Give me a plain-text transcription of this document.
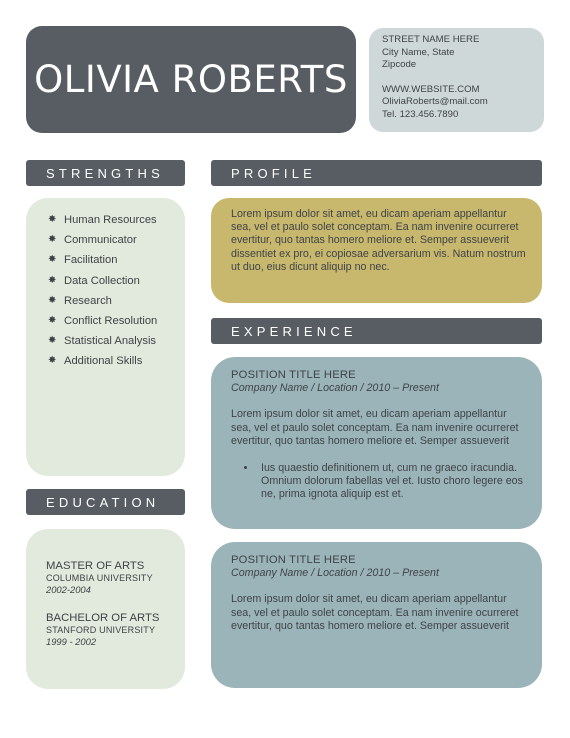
OLIVIA ROBERTS
STREET NAME HERE
City Name, State
Zipcode
WWW.WEBSITE.COM
OliviaRoberts@mail.com
Tel. 123.456.7890
STRENGTHS	PROFILE
EXPERIENCE
EDUCATION
✸ Human Resources
✸ Communicator
✸ Facilitation
✸ Data Collection
✸ Research
✸ Conflict Resolution
✸ Statistical Analysis
✸ Additional Skills
Lorem ipsum dolor sit amet, eu dicam aperiam appellantur sea, vel et paulo solet conceptam. Ea nam invenire ocurreret evertitur, quo tantas homero meliore et. Semper assueverit dissentiet ex pro, ei copiosae adversarium vis. Natum nostrum ut duo, eius dicunt aliquip no nec.
POSITION TITLE HERE
Company Name / Location / 2010 – Present
Lorem ipsum dolor sit amet, eu dicam aperiam appellantur sea, vel et paulo solet conceptam. Ea nam invenire ocurreret evertitur, quo tantas homero meliore et. Semper assueverit
• Ius quaestio definitionem ut, cum ne graeco iracundia. Omnium dolorum fabellas vel et. Iusto choro legere eos ne, prima ignota aliquip est et.
POSITION TITLE HERE
Company Name / Location / 2010 – Present
Lorem ipsum dolor sit amet, eu dicam aperiam appellantur sea, vel et paulo solet conceptam. Ea nam invenire ocurreret evertitur, quo tantas homero meliore et. Semper assueverit
MASTER OF ARTS
COLUMBIA UNIVERSITY
2002-2004
BACHELOR OF ARTS
STANFORD UNIVERSITY
1999 - 2002
